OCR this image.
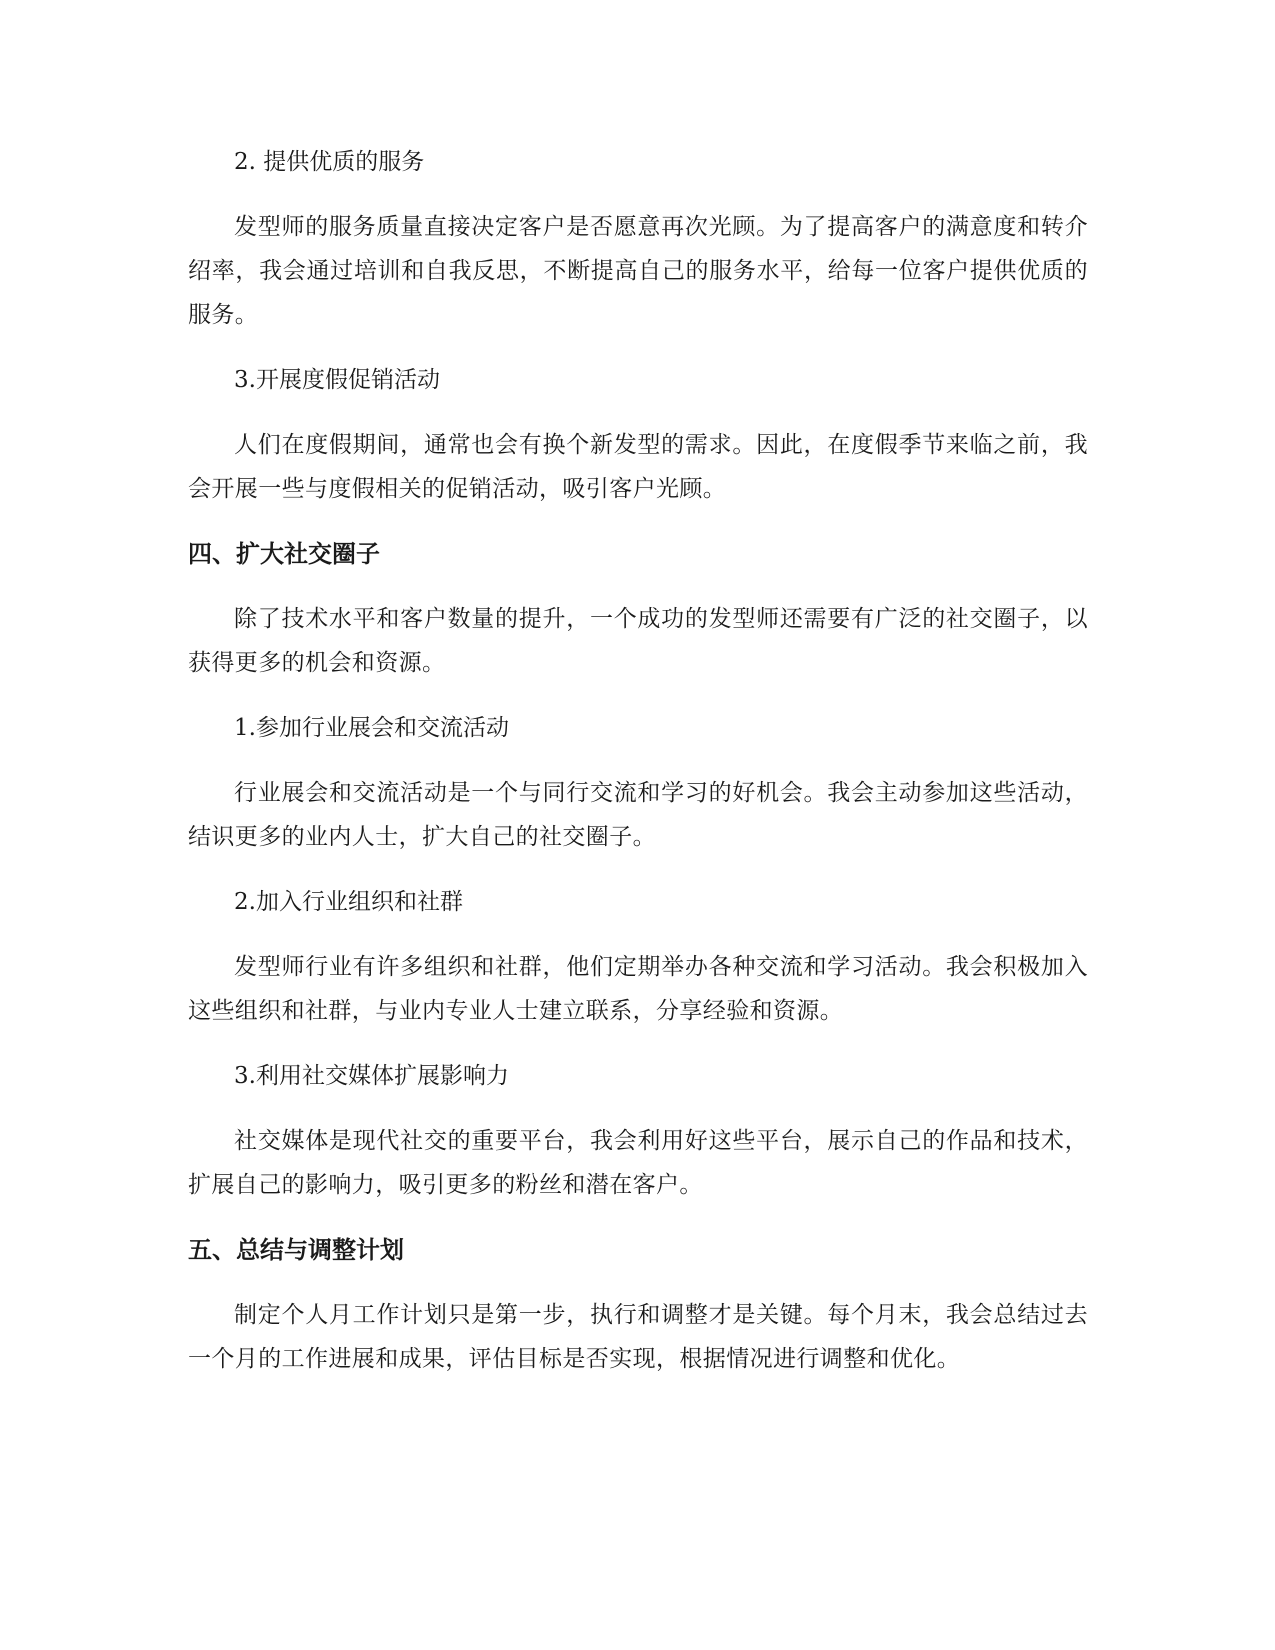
2. 提供优质的服务
发型师的服务质量直接决定客户是否愿意再次光顾。为了提高客户的满意度和转介绍率，我会通过培训和自我反思，不断提高自己的服务水平，给每一位客户提供优质的服务。
3.开展度假促销活动
人们在度假期间，通常也会有换个新发型的需求。因此，在度假季节来临之前，我会开展一些与度假相关的促销活动，吸引客户光顾。
四、扩大社交圈子
除了技术水平和客户数量的提升，一个成功的发型师还需要有广泛的社交圈子，以获得更多的机会和资源。
1.参加行业展会和交流活动
行业展会和交流活动是一个与同行交流和学习的好机会。我会主动参加这些活动，结识更多的业内人士，扩大自己的社交圈子。
2.加入行业组织和社群
发型师行业有许多组织和社群，他们定期举办各种交流和学习活动。我会积极加入这些组织和社群，与业内专业人士建立联系，分享经验和资源。
3.利用社交媒体扩展影响力
社交媒体是现代社交的重要平台，我会利用好这些平台，展示自己的作品和技术，扩展自己的影响力，吸引更多的粉丝和潜在客户。
五、总结与调整计划
制定个人月工作计划只是第一步，执行和调整才是关键。每个月末，我会总结过去一个月的工作进展和成果，评估目标是否实现，根据情况进行调整和优化。
